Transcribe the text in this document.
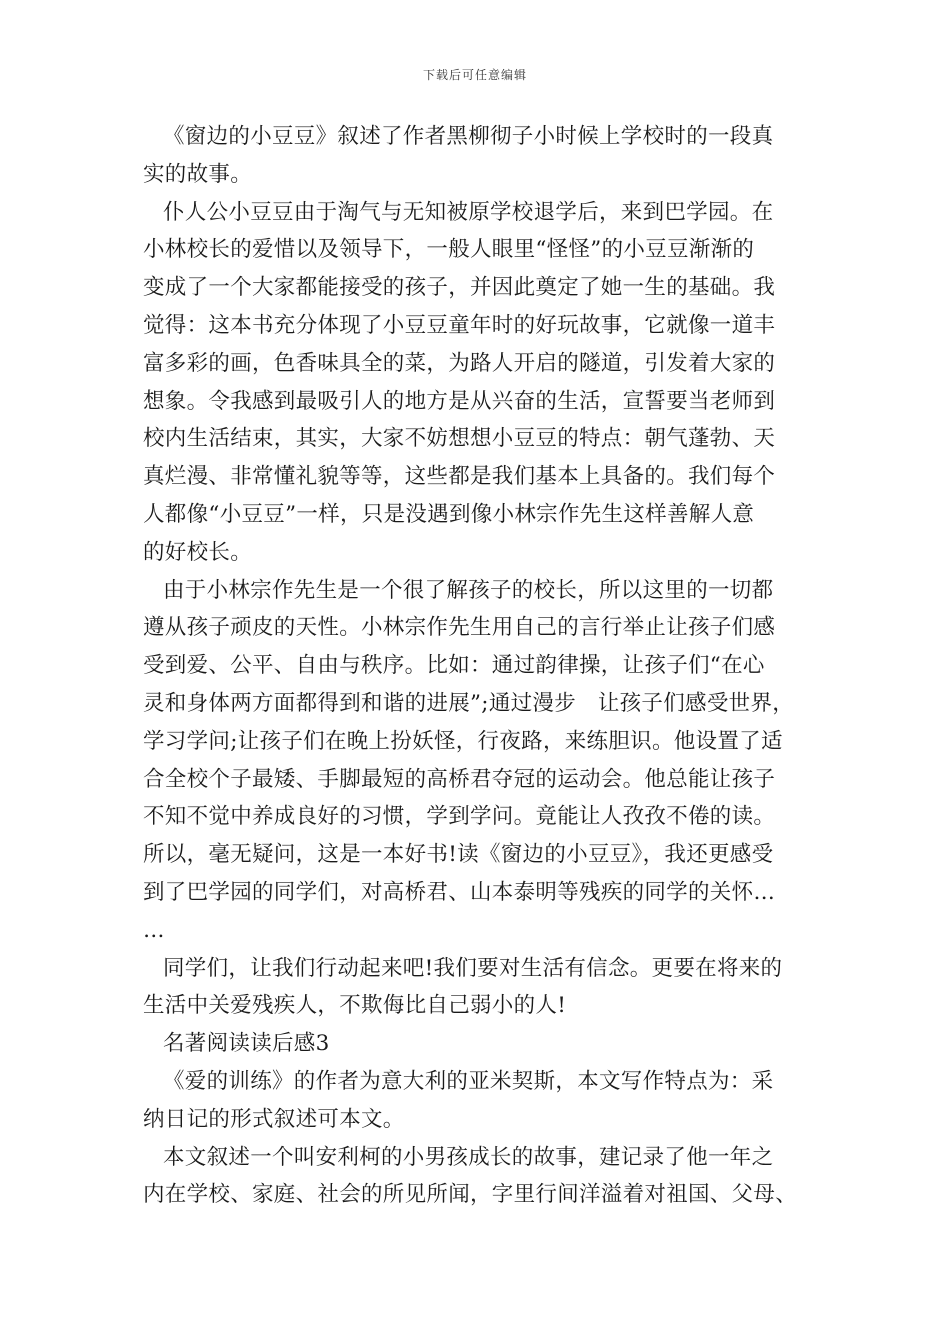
下载后可任意编辑
《窗边的小豆豆》叙述了作者黑柳彻子小时候上学校时的一段真
实的故事。
仆人公小豆豆由于淘气与无知被原学校退学后，来到巴学园。在
小林校长的爱惜以及领导下，一般人眼里“怪怪”的小豆豆渐渐的
变成了一个大家都能接受的孩子，并因此奠定了她一生的基础。我
觉得：这本书充分体现了小豆豆童年时的好玩故事，它就像一道丰
富多彩的画，色香味具全的菜，为路人开启的隧道，引发着大家的
想象。令我感到最吸引人的地方是从兴奋的生活，宣誓要当老师到
校内生活结束，其实，大家不妨想想小豆豆的特点：朝气蓬勃、天
真烂漫、非常懂礼貌等等，这些都是我们基本上具备的。我们每个
人都像“小豆豆”一样，只是没遇到像小林宗作先生这样善解人意
的好校长。
由于小林宗作先生是一个很了解孩子的校长，所以这里的一切都
遵从孩子顽皮的天性。小林宗作先生用自己的言行举止让孩子们感
受到爱、公平、自由与秩序。比如：通过韵律操，让孩子们“在心
灵和身体两方面都得到和谐的进展”;通过漫步　让孩子们感受世界，
学习学问;让孩子们在晚上扮妖怪，行夜路，来练胆识。他设置了适
合全校个子最矮、手脚最短的高桥君夺冠的运动会。他总能让孩子
不知不觉中养成良好的习惯，学到学问。竟能让人孜孜不倦的读。
所以，毫无疑问，这是一本好书!读《窗边的小豆豆》，我还更感受
到了巴学园的同学们，对高桥君、山本泰明等残疾的同学的关怀…
…
同学们，让我们行动起来吧!我们要对生活有信念。更要在将来的
生活中关爱残疾人，不欺侮比自己弱小的人!
名著阅读读后感3
《爱的训练》的作者为意大利的亚米契斯，本文写作特点为：采
纳日记的形式叙述可本文。
本文叙述一个叫安利柯的小男孩成长的故事，建记录了他一年之
内在学校、家庭、社会的所见所闻，字里行间洋溢着对祖国、父母、
